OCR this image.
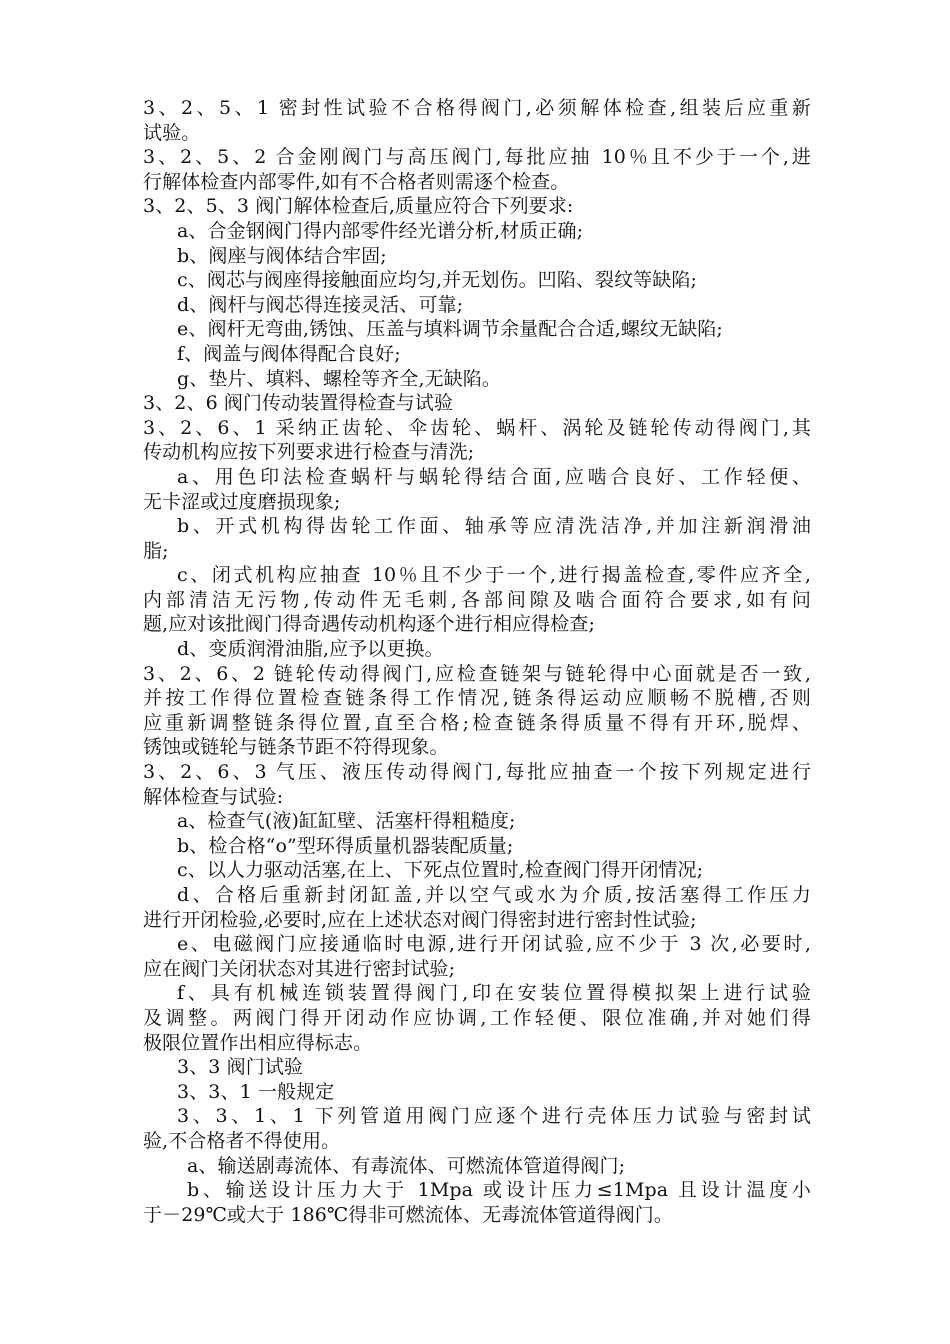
3、2、5、1 密封性试验不合格得阀门,必须解体检查,组装后应重新
试验。
3、2、5、2 合金刚阀门与高压阀门,每批应抽 10％且不少于一个,进
行解体检查内部零件,如有不合格者则需逐个检查。
3、2、5、3 阀门解体检查后,质量应符合下列要求:
a、合金钢阀门得内部零件经光谱分析,材质正确;
b、阀座与阀体结合牢固;
c、阀芯与阀座得接触面应均匀,并无划伤。凹陷、裂纹等缺陷;
d、阀杆与阀芯得连接灵活、可靠;
e、阀杆无弯曲,锈蚀、压盖与填料调节余量配合合适,螺纹无缺陷;
f、阀盖与阀体得配合良好;
g、垫片、填料、螺栓等齐全,无缺陷。
3、2、6 阀门传动装置得检查与试验
3、2、6、1 采纳正齿轮、伞齿轮、蜗杆、涡轮及链轮传动得阀门,其
传动机构应按下列要求进行检查与清洗;
a、用色印法检查蜗杆与蜗轮得结合面,应啮合良好、工作轻便、
无卡涩或过度磨损现象;
b、开式机构得齿轮工作面、轴承等应清洗洁净,并加注新润滑油
脂;
c、闭式机构应抽查 10％且不少于一个,进行揭盖检查,零件应齐全,
内部清洁无污物,传动件无毛刺,各部间隙及啮合面符合要求,如有问
题,应对该批阀门得奇遇传动机构逐个进行相应得检查;
d、变质润滑油脂,应予以更换。
3、2、6、2 链轮传动得阀门,应检查链架与链轮得中心面就是否一致,
并按工作得位置检查链条得工作情况,链条得运动应顺畅不脱槽,否则
应重新调整链条得位置,直至合格;检查链条得质量不得有开环,脱焊、
锈蚀或链轮与链条节距不符得现象。
3、2、6、3 气压、液压传动得阀门,每批应抽查一个按下列规定进行
解体检查与试验:
a、检查气(液)缸缸壁、活塞杆得粗糙度;
b、检合格“o”型环得质量机器装配质量;
c、以人力驱动活塞,在上、下死点位置时,检查阀门得开闭情况;
d、合格后重新封闭缸盖,并以空气或水为介质,按活塞得工作压力
进行开闭检验,必要时,应在上述状态对阀门得密封进行密封性试验;
e、电磁阀门应接通临时电源,进行开闭试验,应不少于 3 次,必要时,
应在阀门关闭状态对其进行密封试验;
f、具有机械连锁装置得阀门,印在安装位置得模拟架上进行试验
及调整。两阀门得开闭动作应协调,工作轻便、限位准确,并对她们得
极限位置作出相应得标志。
3、3 阀门试验
3、3、1 一般规定
3、3、1、1 下列管道用阀门应逐个进行壳体压力试验与密封试
验,不合格者不得使用。
a、输送剧毒流体、有毒流体、可燃流体管道得阀门;
b、输送设计压力大于 1Mpa 或设计压力≤1Mpa 且设计温度小
于－29℃或大于 186℃得非可燃流体、无毒流体管道得阀门。
